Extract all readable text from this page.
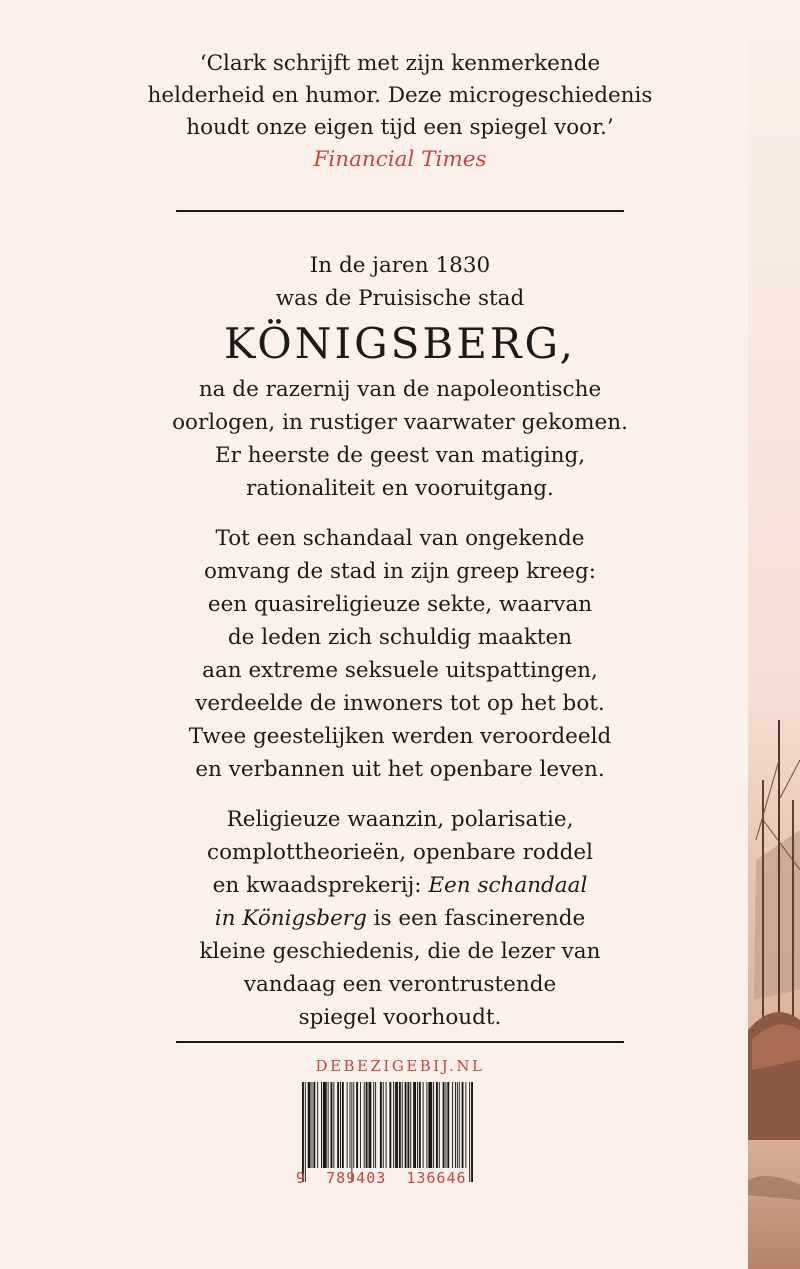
‘Clark schrijft met zijn kenmerkende
helderheid en humor. Deze microgeschiedenis
houdt onze eigen tijd een spiegel voor.’
Financial Times
In de jaren 1830
was de Pruisische stad
KÖNIGSBERG,
na de razernij van de napoleontische
oorlogen, in rustiger vaarwater gekomen.
Er heerste de geest van matiging,
rationaliteit en vooruitgang.
Tot een schandaal van ongekende
omvang de stad in zijn greep kreeg:
een quasireligieuze sekte, waarvan
de leden zich schuldig maakten
aan extreme seksuele uitspattingen,
verdeelde de inwoners tot op het bot.
Twee geestelijken werden veroordeeld
en verbannen uit het openbare leven.
Religieuze waanzin, polarisatie,
complottheorieën, openbare roddel
en kwaadsprekerij: Een schandaal
in Königsberg is een fascinerende
kleine geschiedenis, die de lezer van
vandaag een verontrustende
spiegel voorhoudt.
DEBEZIGEBIJ.NL
9 789403 136646
